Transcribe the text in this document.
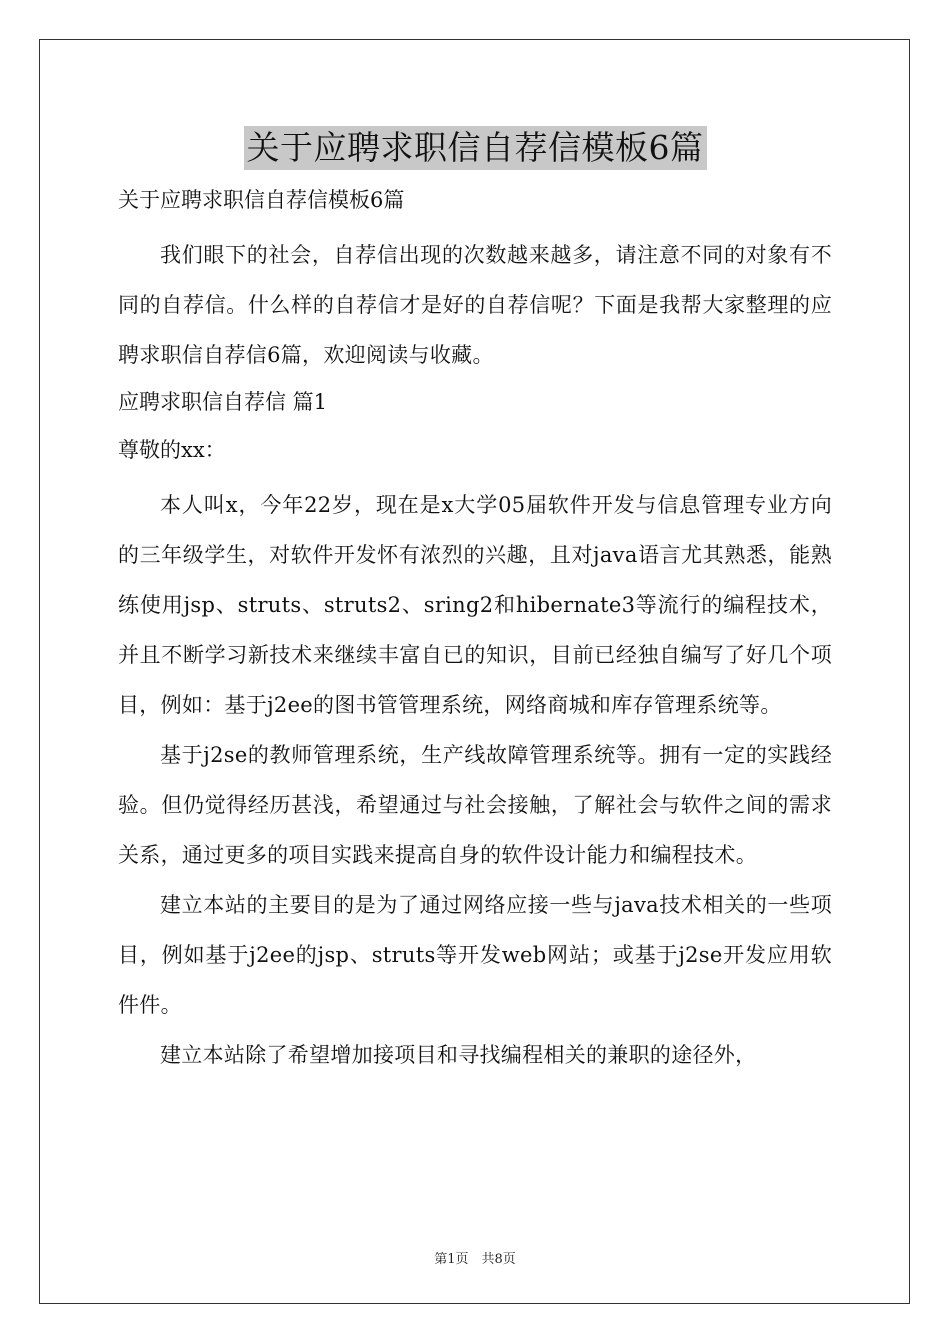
关于应聘求职信自荐信模板6篇
关于应聘求职信自荐信模板6篇

我们眼下的社会，自荐信出现的次数越来越多，请注意不同的对象有不同的自荐信。什么样的自荐信才是好的自荐信呢？下面是我帮大家整理的应聘求职信自荐信6篇，欢迎阅读与收藏。

应聘求职信自荐信 篇1
尊敬的xx：

本人叫x，今年22岁，现在是x大学05届软件开发与信息管理专业方向的三年级学生，对软件开发怀有浓烈的兴趣，且对java语言尤其熟悉，能熟练使用jsp、struts、struts2、sring2和hibernate3等流行的编程技术，并且不断学习新技术来继续丰富自已的知识，目前已经独自编写了好几个项目，例如：基于j2ee的图书管管理系统，网络商城和库存管理系统等。

基于j2se的教师管理系统，生产线故障管理系统等。拥有一定的实践经验。但仍觉得经历甚浅，希望通过与社会接触，了解社会与软件之间的需求关系，通过更多的项目实践来提高自身的软件设计能力和编程技术。

建立本站的主要目的是为了通过网络应接一些与java技术相关的一些项目，例如基于j2ee的jsp、struts等开发web网站；或基于j2se开发应用软件件。

建立本站除了希望增加接项目和寻找编程相关的兼职的途径外，

第1页　共8页
